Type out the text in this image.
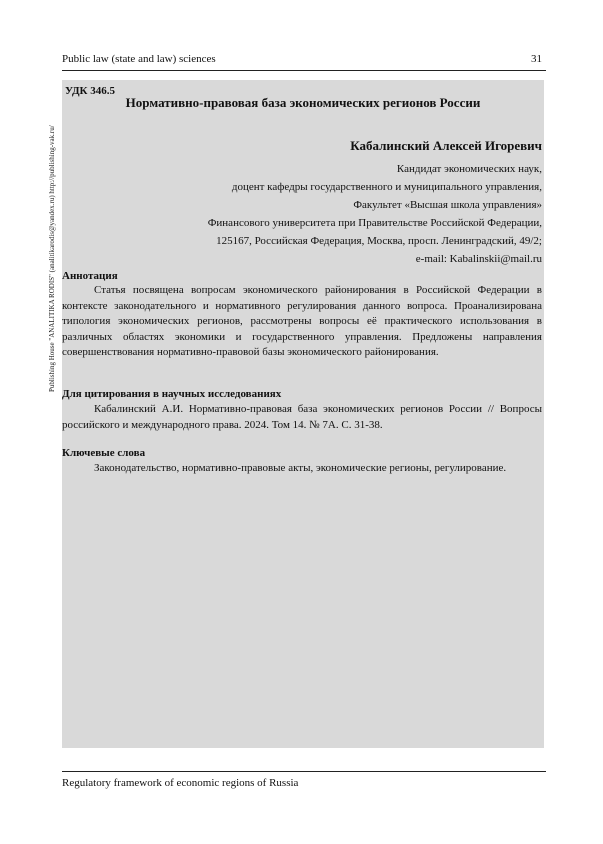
Public law (state and law) sciences	31
Publishing House "ANALITIKA RODIS" (analitikarodis@yandex.ru) http://publishing-vak.ru/
УДК 346.5
Нормативно-правовая база экономических регионов России
Кабалинский Алексей Игоревич
Кандидат экономических наук,
доцент кафедры государственного и муниципального управления,
Факультет «Высшая школа управления»
Финансового университета при Правительстве Российской Федерации,
125167, Российская Федерация, Москва, просп. Ленинградский, 49/2;
e-mail: Kabalinskii@mail.ru
Аннотация
Статья посвящена вопросам экономического районирования в Российской Федерации в контексте законодательного и нормативного регулирования данного вопроса. Проанализирована типология экономических регионов, рассмотрены вопросы её практического использования в различных областях экономики и государственного управления. Предложены направления совершенствования нормативно-правовой базы экономического районирования.
Для цитирования в научных исследованиях
Кабалинский А.И. Нормативно-правовая база экономических регионов России // Вопросы российского и международного права. 2024. Том 14. № 7А. С. 31-38.
Ключевые слова
Законодательство, нормативно-правовые акты, экономические регионы, регулирование.
Regulatory framework of economic regions of Russia
